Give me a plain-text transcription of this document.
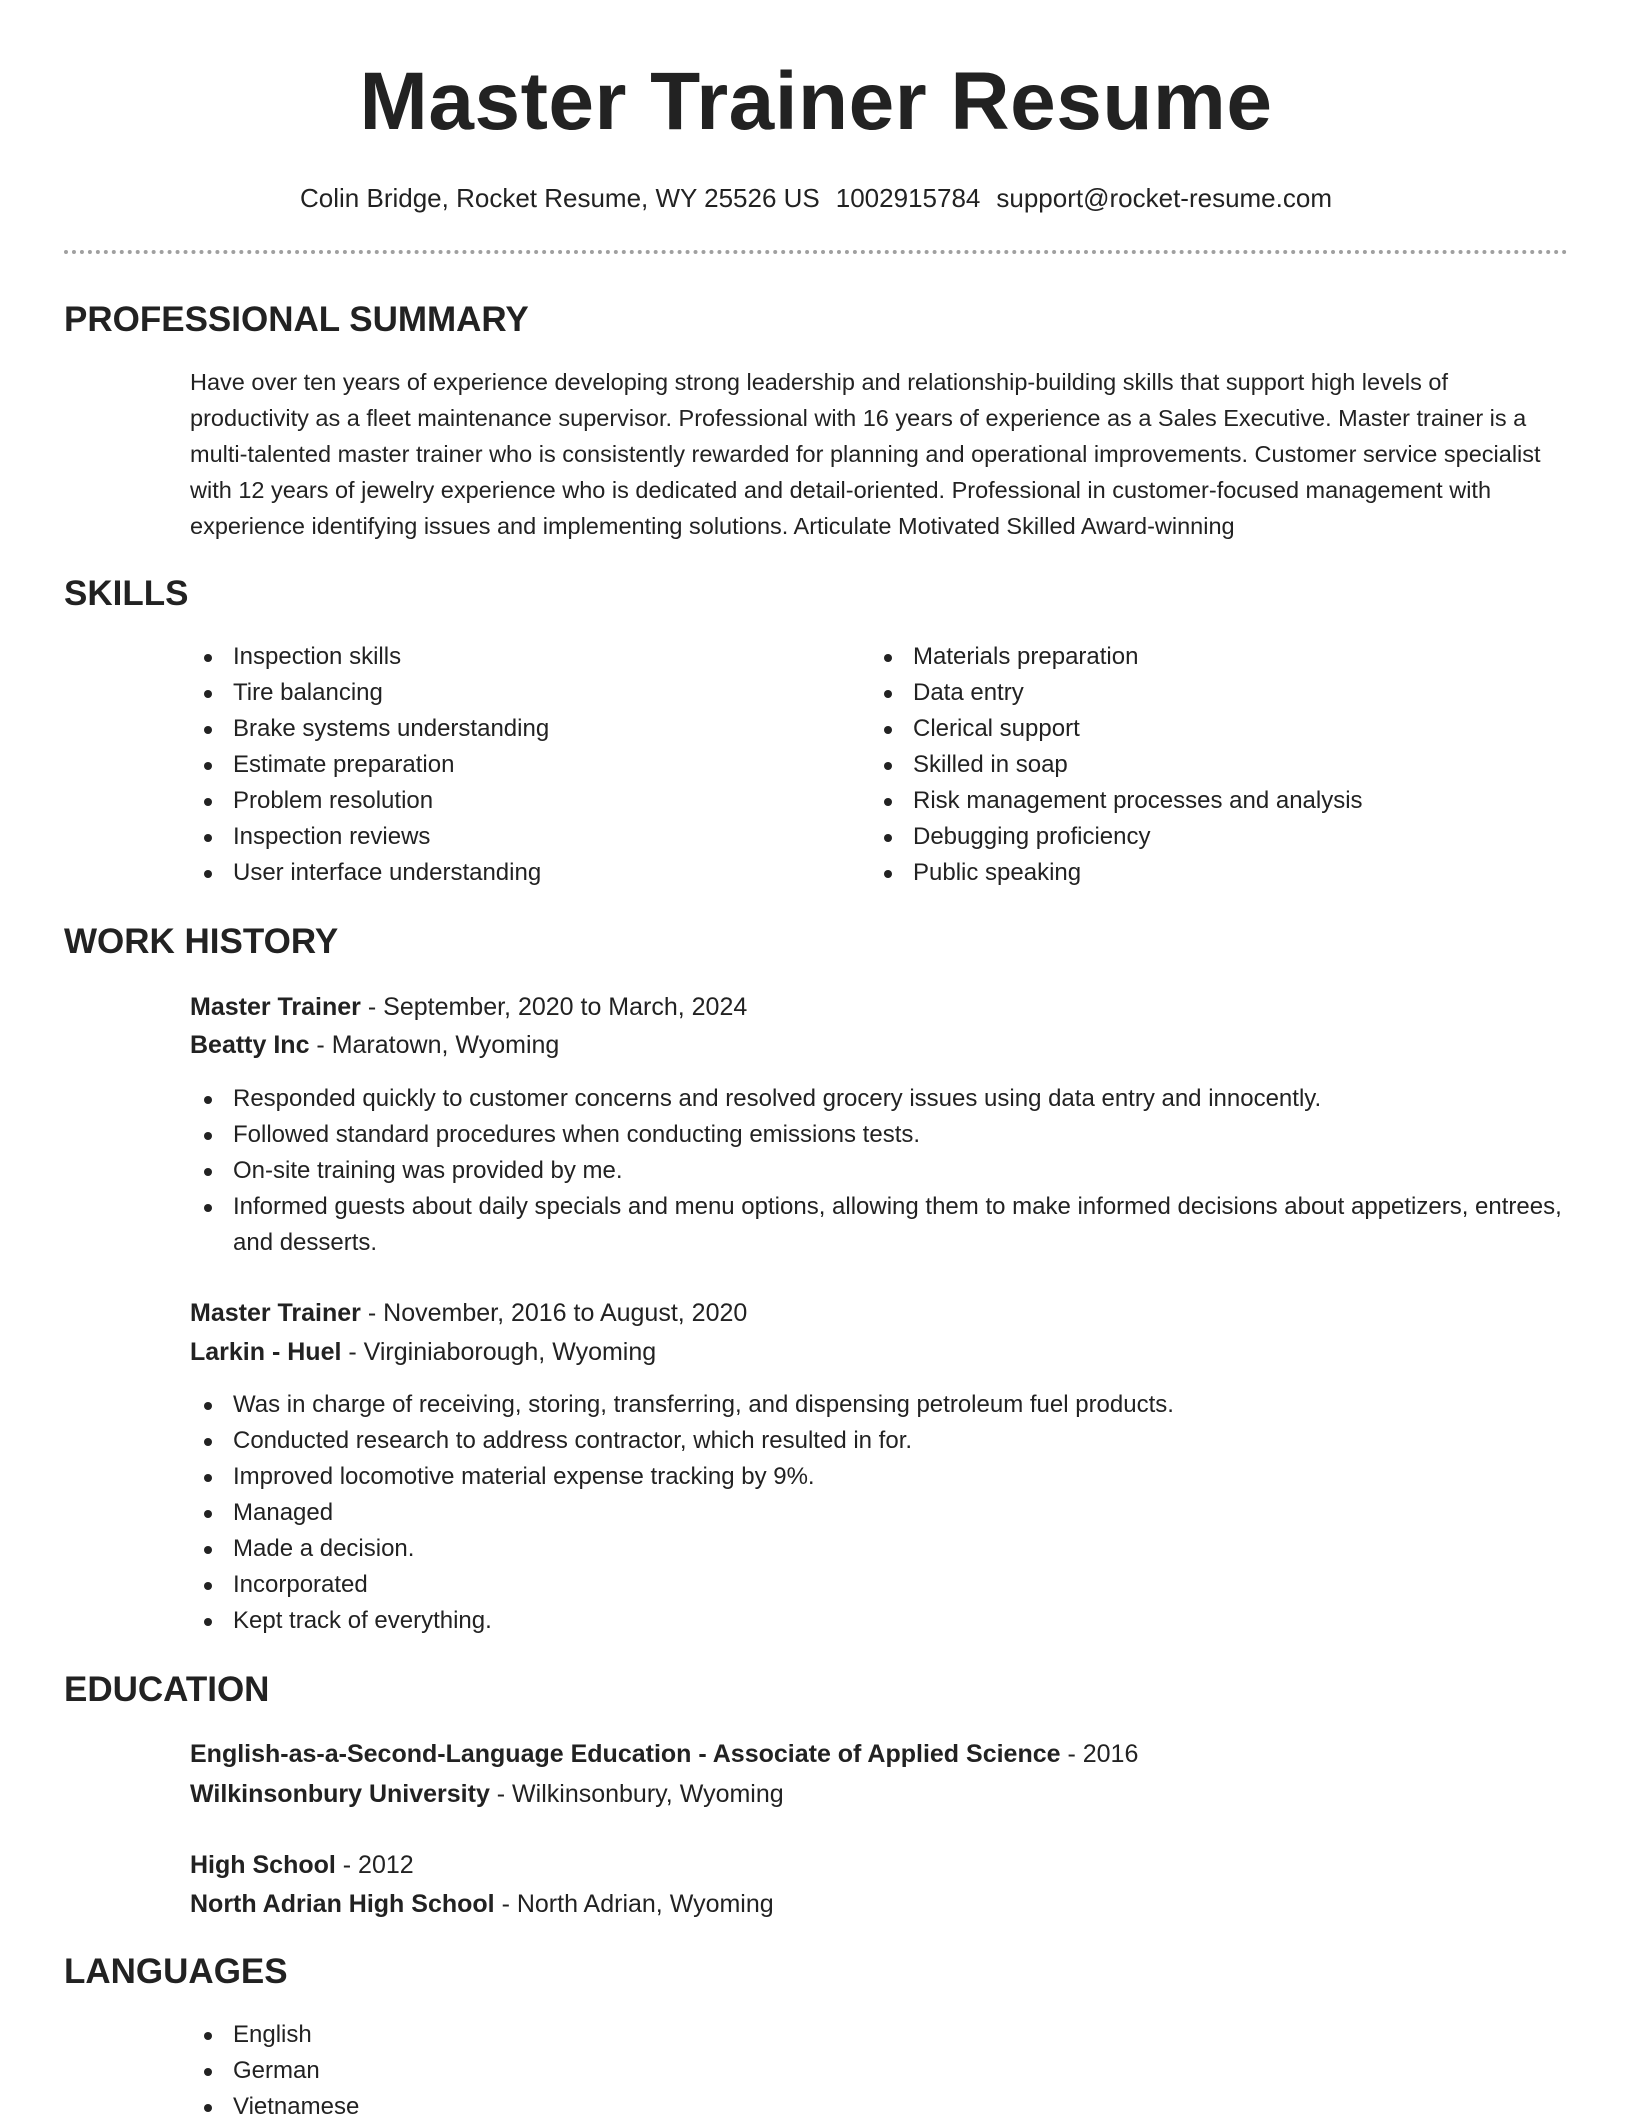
Master Trainer Resume
Colin Bridge, Rocket Resume, WY 25526 US 1002915784 support@rocket-resume.com
PROFESSIONAL SUMMARY

Have over ten years of experience developing strong leadership and relationship-building skills that support high levels of productivity as a fleet maintenance supervisor. Professional with 16 years of experience as a Sales Executive. Master trainer is a multi-talented master trainer who is consistently rewarded for planning and operational improvements. Customer service specialist with 12 years of jewelry experience who is dedicated and detail-oriented. Professional in customer-focused management with experience identifying issues and implementing solutions. Articulate Motivated Skilled Award-winning

SKILLS
Inspection skills
Tire balancing
Brake systems understanding
Estimate preparation
Problem resolution
Inspection reviews
User interface understanding
Materials preparation
Data entry
Clerical support
Skilled in soap
Risk management processes and analysis
Debugging proficiency
Public speaking
WORK HISTORY
Master Trainer - September, 2020 to March, 2024
Beatty Inc - Maratown, Wyoming
Responded quickly to customer concerns and resolved grocery issues using data entry and innocently.
Followed standard procedures when conducting emissions tests.
On-site training was provided by me.
Informed guests about daily specials and menu options, allowing them to make informed decisions about appetizers, entrees, and desserts.
Master Trainer - November, 2016 to August, 2020
Larkin - Huel - Virginiaborough, Wyoming
Was in charge of receiving, storing, transferring, and dispensing petroleum fuel products.
Conducted research to address contractor, which resulted in for.
Improved locomotive material expense tracking by 9%.
Managed
Made a decision.
Incorporated
Kept track of everything.
EDUCATION
English-as-a-Second-Language Education - Associate of Applied Science - 2016
Wilkinsonbury University - Wilkinsonbury, Wyoming
High School - 2012
North Adrian High School - North Adrian, Wyoming
LANGUAGES
English
German
Vietnamese
